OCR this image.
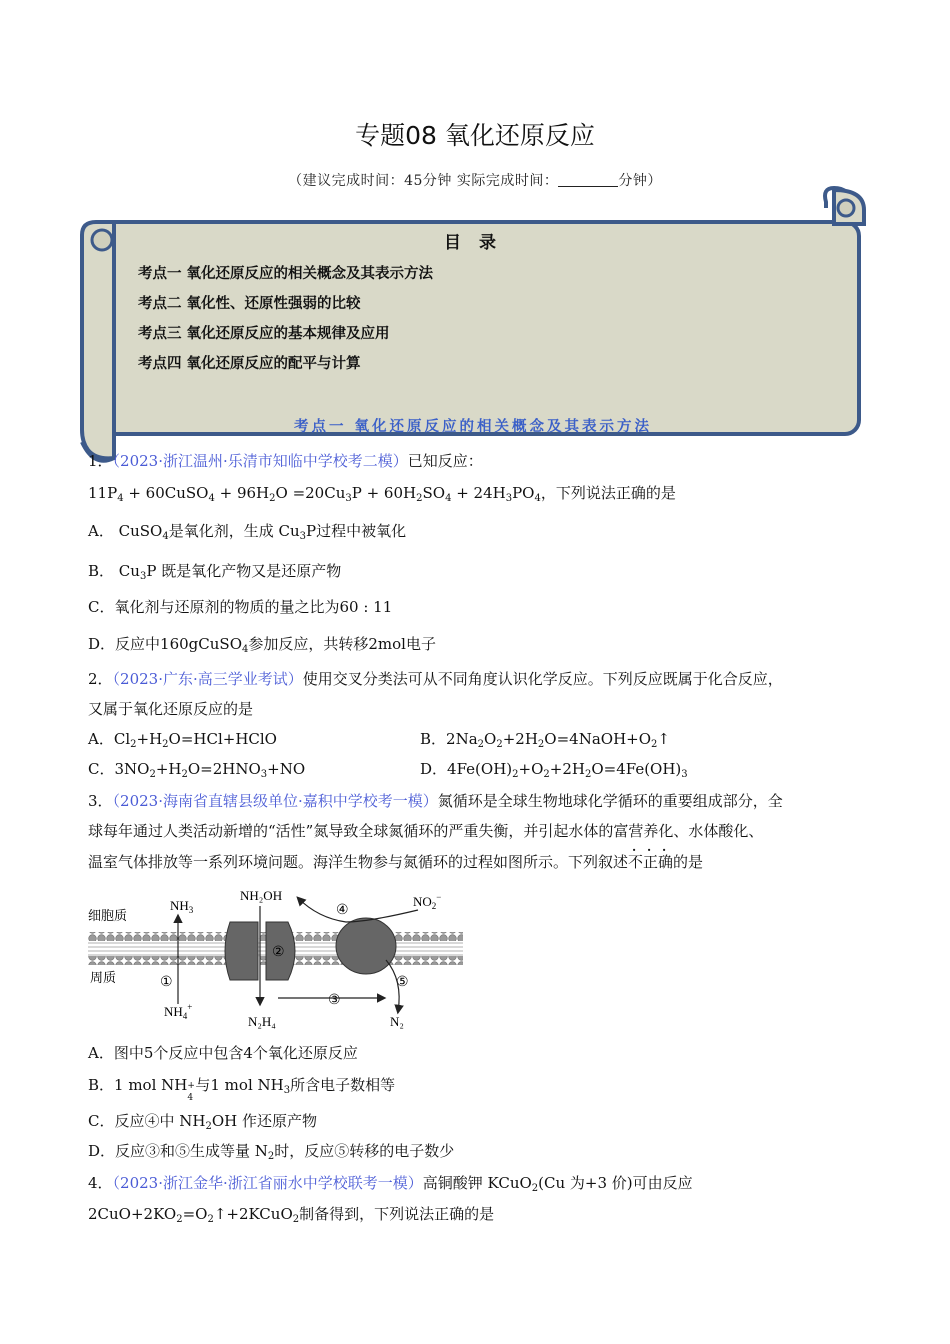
专题08 氧化还原反应
（建议完成时间：45分钟 实际完成时间：	分钟）
目 录
考点一 氧化还原反应的相关概念及其表示方法
考点二 氧化性、还原性强弱的比较
考点三 氧化还原反应的基本规律及应用
考点四 氧化还原反应的配平与计算
考点一 氧化还原反应的相关概念及其表示方法
1．（2023·浙江温州·乐清市知临中学校考二模）已知反应：
$11P_4$ + 60CuSO$_4$ + $96H_2O =20Cu_3P + 60H_2SO_4 + 24H_3PO_4$，下列说法正确的是
A． CuSO$_4$是氧化剂，生成 $Cu_3P$过程中被氧化
B． $Cu_3P$ 既是氧化产物又是还原产物
C．氧化剂与还原剂的物质的量之比为60 : 11
D．反应中160gCuSO$_4$参加反应，共转移2mol电子
2．（2023·广东·高三学业考试）使用交叉分类法可从不同角度认识化学反应。下列反应既属于化合反应，
又属于氧化还原反应的是
A．$Cl_2+H_2O=HCl+HClO$	B．$2Na_2O_2+2H_2O=4NaOH+O_2↑$
C．$3NO_2+H_2O=2HNO_3+NO$	D．$4Fe(OH)_2+O_2+2H_2O=4Fe(OH)_3$
3．（2023·海南省直辖县级单位·嘉积中学校考一模）氮循环是全球生物地球化学循环的重要组成部分，全
球每年通过人类活动新增的“活性”氮导致全球氮循环的严重失衡，并引起水体的富营养化、水体酸化、
温室气体排放等一系列环境问题。海洋生物参与氮循环的过程如图所示。下列叙述不正确
· · ·
的是
细胞质
周质
$NH_3$
NH₂OH	$NO_2^-$
$NH_4^+$
N₂H₄	N₂
①
②
③
④
⑤
A．图中5个反应中包含4个氧化还原反应
B．1 mol NH +
4
与1 mol $NH_3$所含电子数相等
C．反应④中 $NH_2OH$ 作还原产物
D．反应③和⑤生成等量 $N_2$时，反应⑤转移的电子数少
4．（2023·浙江金华·浙江省丽水中学校联考一模）高铜酸钾 KCuO$_2$(Cu 为+3 价)可由反应
$2CuO+2KO_2=O_2↑+2KCuO_2$制备得到，下列说法正确的是
